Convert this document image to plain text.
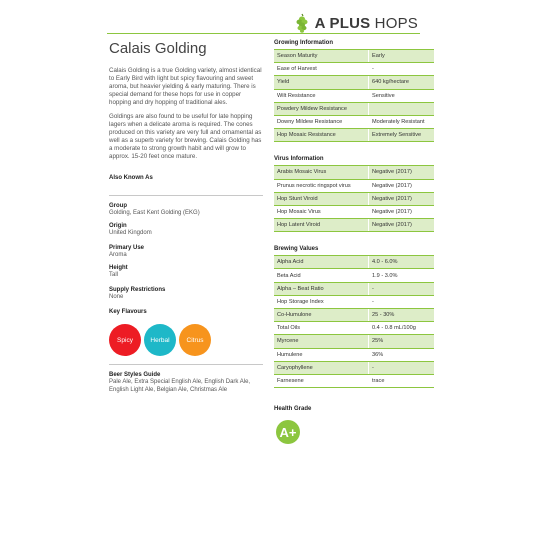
A PLUS HOPS
Calais Golding

Calais Golding is a true Golding variety, almost identical to Early Bird with light but spicy flavouring and sweet aroma, but heavier yielding & early maturing. There is special demand for these hops for use in copper hopping and dry hopping of traditional ales.

Goldings are also found to be useful for late hopping lagers when a delicate aroma is required. The cones produced on this variety are very full and ornamental as well as a superb variety for brewing. Calais Golding has a moderate to strong growth habit and will grow to approx. 15-20 feet once mature.

Also Known As
Group
Golding, East Kent Golding (EKG)
Origin
United Kingdom
Primary Use
Aroma
Height
Tall
Supply Restrictions
None
Key Flavours
Spicy	Herbal	Citrus
Beer Styles Guide
Pale Ale, Extra Special English Ale, English Dark Ale, English Light Ale, Belgian Ale, Christmas Ale
Growing Information
Season Maturity	Early
Ease of Harvest	-
Yield	640 kg/hectare
Wilt Resistance	Sensitive
Powdery Mildew Resistance	
Downy Mildew Resistance	Moderately Resistant
Hop Mosaic Resistance	Extremely Sensitive
Virus Information
Arabis Mosaic Virus	Negative (2017)
Prunus necrotic ringspot virus	Negative (2017)
Hop Stunt Viroid	Negative (2017)
Hop Mosaic Virus	Negative (2017)
Hop Latent Viroid	Negative (2017)
Brewing Values
Alpha Acid	4.0 - 6.0%
Beta Acid	1.9 - 3.0%
Alpha – Beat Ratio	-
Hop Storage Index	-
Co-Humulone	25 - 30%
Total Oils	0.4 - 0.8 mL/100g
Myrcene	25%
Humulene	36%
Caryophyllene	-
Farnesene	trace
Health Grade
A+
